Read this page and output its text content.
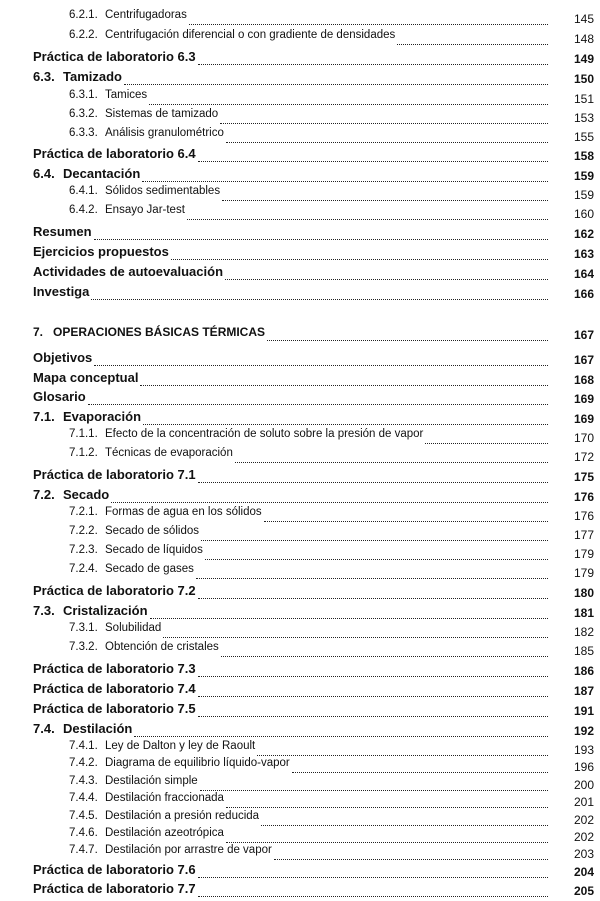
6.2.1. Centrifugadoras	145
6.2.2. Centrifugación diferencial o con gradiente de densidades	148
Práctica de laboratorio 6.3	149
6.3. Tamizado	150
6.3.1. Tamices	151
6.3.2. Sistemas de tamizado	153
6.3.3. Análisis granulométrico	155
Práctica de laboratorio 6.4	158
6.4. Decantación	159
6.4.1. Sólidos sedimentables	159
6.4.2. Ensayo Jar-test	160
Resumen	162
Ejercicios propuestos	163
Actividades de autoevaluación	164
Investiga	166
7. OPERACIONES BÁSICAS TÉRMICAS	167
Objetivos	167
Mapa conceptual	168
Glosario	169
7.1. Evaporación	169
7.1.1. Efecto de la concentración de soluto sobre la presión de vapor	170
7.1.2. Técnicas de evaporación	172
Práctica de laboratorio 7.1	175
7.2. Secado	176
7.2.1. Formas de agua en los sólidos	176
7.2.2. Secado de sólidos	177
7.2.3. Secado de líquidos	179
7.2.4. Secado de gases	179
Práctica de laboratorio 7.2	180
7.3. Cristalización	181
7.3.1. Solubilidad	182
7.3.2. Obtención de cristales	185
Práctica de laboratorio 7.3	186
Práctica de laboratorio 7.4	187
Práctica de laboratorio 7.5	191
7.4. Destilación	192
7.4.1. Ley de Dalton y ley de Raoult	193
7.4.2. Diagrama de equilibrio líquido-vapor	196
7.4.3. Destilación simple	200
7.4.4. Destilación fraccionada	201
7.4.5. Destilación a presión reducida	202
7.4.6. Destilación azeotrópica	202
7.4.7. Destilación por arrastre de vapor	203
Práctica de laboratorio 7.6	204
Práctica de laboratorio 7.7	205
